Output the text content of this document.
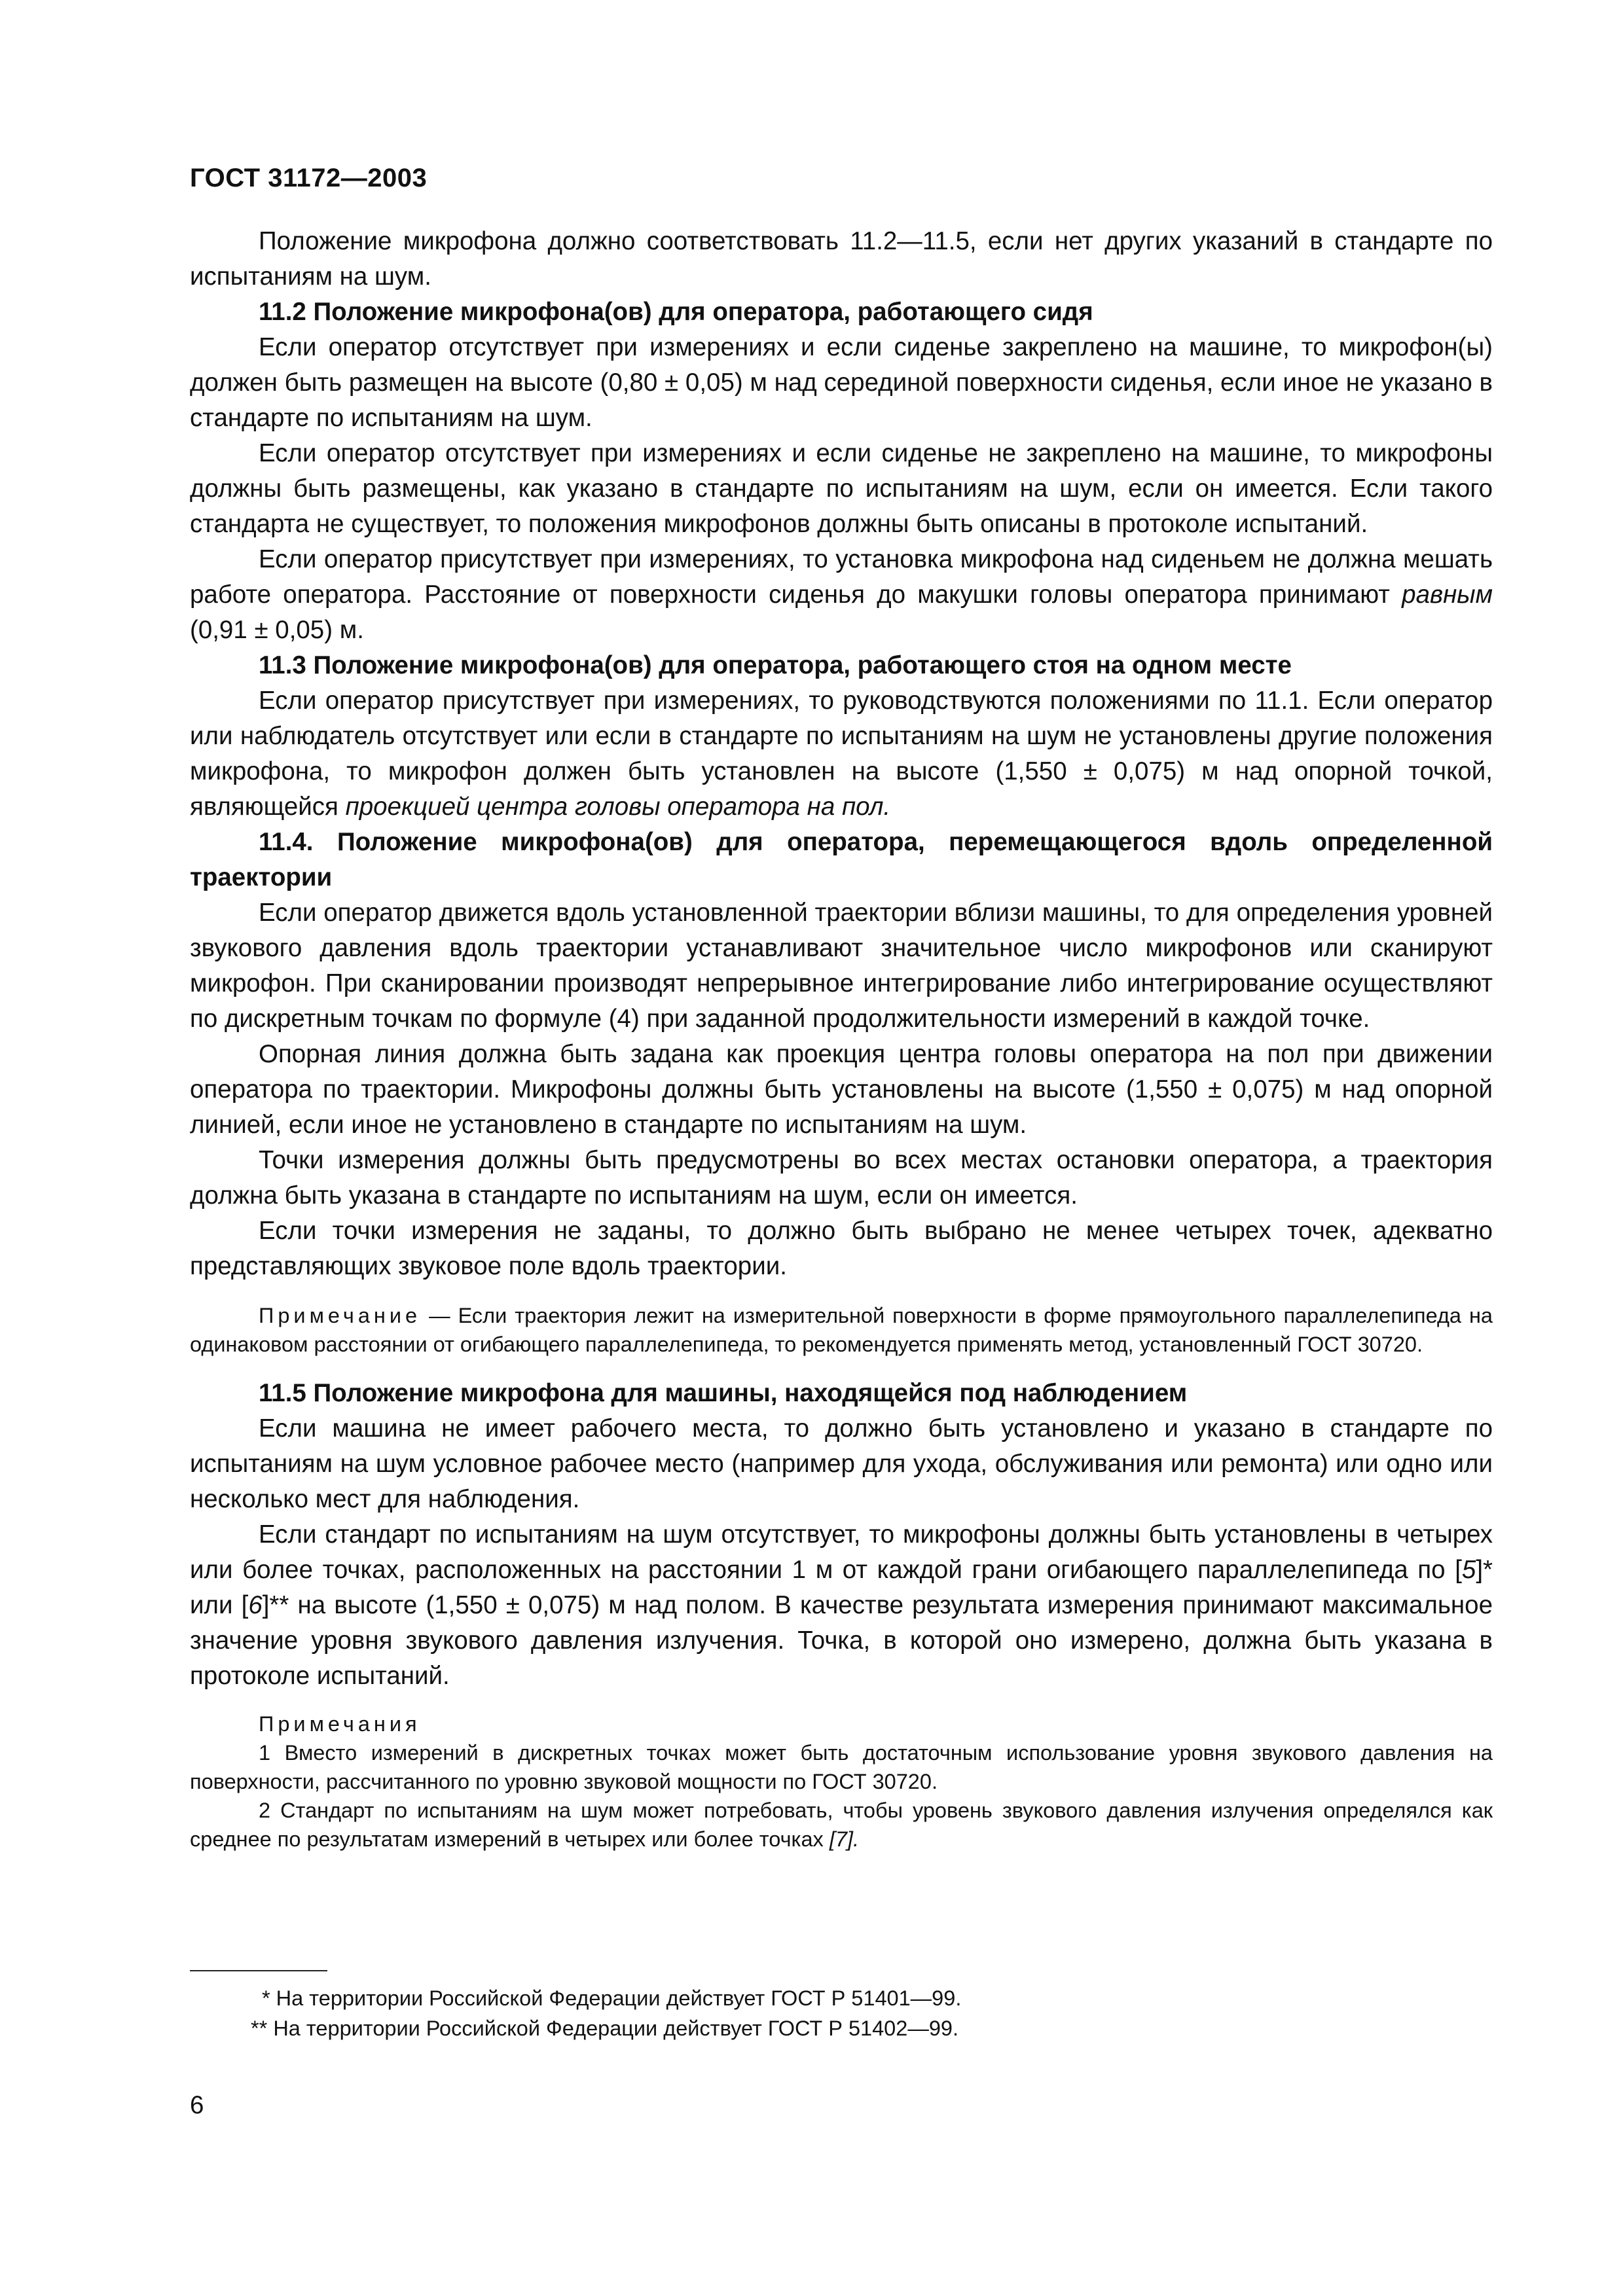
ГОСТ 31172—2003

Положение микрофона должно соответствовать 11.2—11.5, если нет других указаний в стандарте по испытаниям на шум.

11.2 Положение микрофона(ов) для оператора, работающего сидя

Если оператор отсутствует при измерениях и если сиденье закреплено на машине, то микрофон(ы) должен быть размещен на высоте (0,80 ± 0,05) м над серединой поверхности сиденья, если иное не указано в стандарте по испытаниям на шум.

Если оператор отсутствует при измерениях и если сиденье не закреплено на машине, то микрофоны должны быть размещены, как указано в стандарте по испытаниям на шум, если он имеется. Если такого стандарта не существует, то положения микрофонов должны быть описаны в протоколе испытаний.

Если оператор присутствует при измерениях, то установка микрофона над сиденьем не должна мешать работе оператора. Расстояние от поверхности сиденья до макушки головы оператора принимают равным (0,91 ± 0,05) м.

11.3 Положение микрофона(ов) для оператора, работающего стоя на одном месте

Если оператор присутствует при измерениях, то руководствуются положениями по 11.1. Если оператор или наблюдатель отсутствует или если в стандарте по испытаниям на шум не установлены другие положения микрофона, то микрофон должен быть установлен на высоте (1,550 ± 0,075) м над опорной точкой, являющейся проекцией центра головы оператора на пол.

11.4. Положение микрофона(ов) для оператора, перемещающегося вдоль определенной траектории

Если оператор движется вдоль установленной траектории вблизи машины, то для определения уровней звукового давления вдоль траектории устанавливают значительное число микрофонов или сканируют микрофон. При сканировании производят непрерывное интегрирование либо интегрирование осуществляют по дискретным точкам по формуле (4) при заданной продолжительности измерений в каждой точке.

Опорная линия должна быть задана как проекция центра головы оператора на пол при движении оператора по траектории. Микрофоны должны быть установлены на высоте (1,550 ± 0,075) м над опорной линией, если иное не установлено в стандарте по испытаниям на шум.

Точки измерения должны быть предусмотрены во всех местах остановки оператора, а траектория должна быть указана в стандарте по испытаниям на шум, если он имеется.

Если точки измерения не заданы, то должно быть выбрано не менее четырех точек, адекватно представляющих звуковое поле вдоль траектории.

Примечание — Если траектория лежит на измерительной поверхности в форме прямоугольного параллелепипеда на одинаковом расстоянии от огибающего параллелепипеда, то рекомендуется применять метод, установленный ГОСТ 30720.

11.5 Положение микрофона для машины, находящейся под наблюдением

Если машина не имеет рабочего места, то должно быть установлено и указано в стандарте по испытаниям на шум условное рабочее место (например для ухода, обслуживания или ремонта) или одно или несколько мест для наблюдения.

Если стандарт по испытаниям на шум отсутствует, то микрофоны должны быть установлены в четырех или более точках, расположенных на расстоянии 1 м от каждой грани огибающего параллелепипеда по [5]* или [6]** на высоте (1,550 ± 0,075) м над полом. В качестве результата измерения принимают максимальное значение уровня звукового давления излучения. Точка, в которой оно измерено, должна быть указана в протоколе испытаний.

Примечания

1 Вместо измерений в дискретных точках может быть достаточным использование уровня звукового давления на поверхности, рассчитанного по уровню звуковой мощности по ГОСТ 30720.

2 Стандарт по испытаниям на шум может потребовать, чтобы уровень звукового давления излучения определялся как среднее по результатам измерений в четырех или более точках [7].

* На территории Российской Федерации действует ГОСТ Р 51401—99.

** На территории Российской Федерации действует ГОСТ Р 51402—99.

6
